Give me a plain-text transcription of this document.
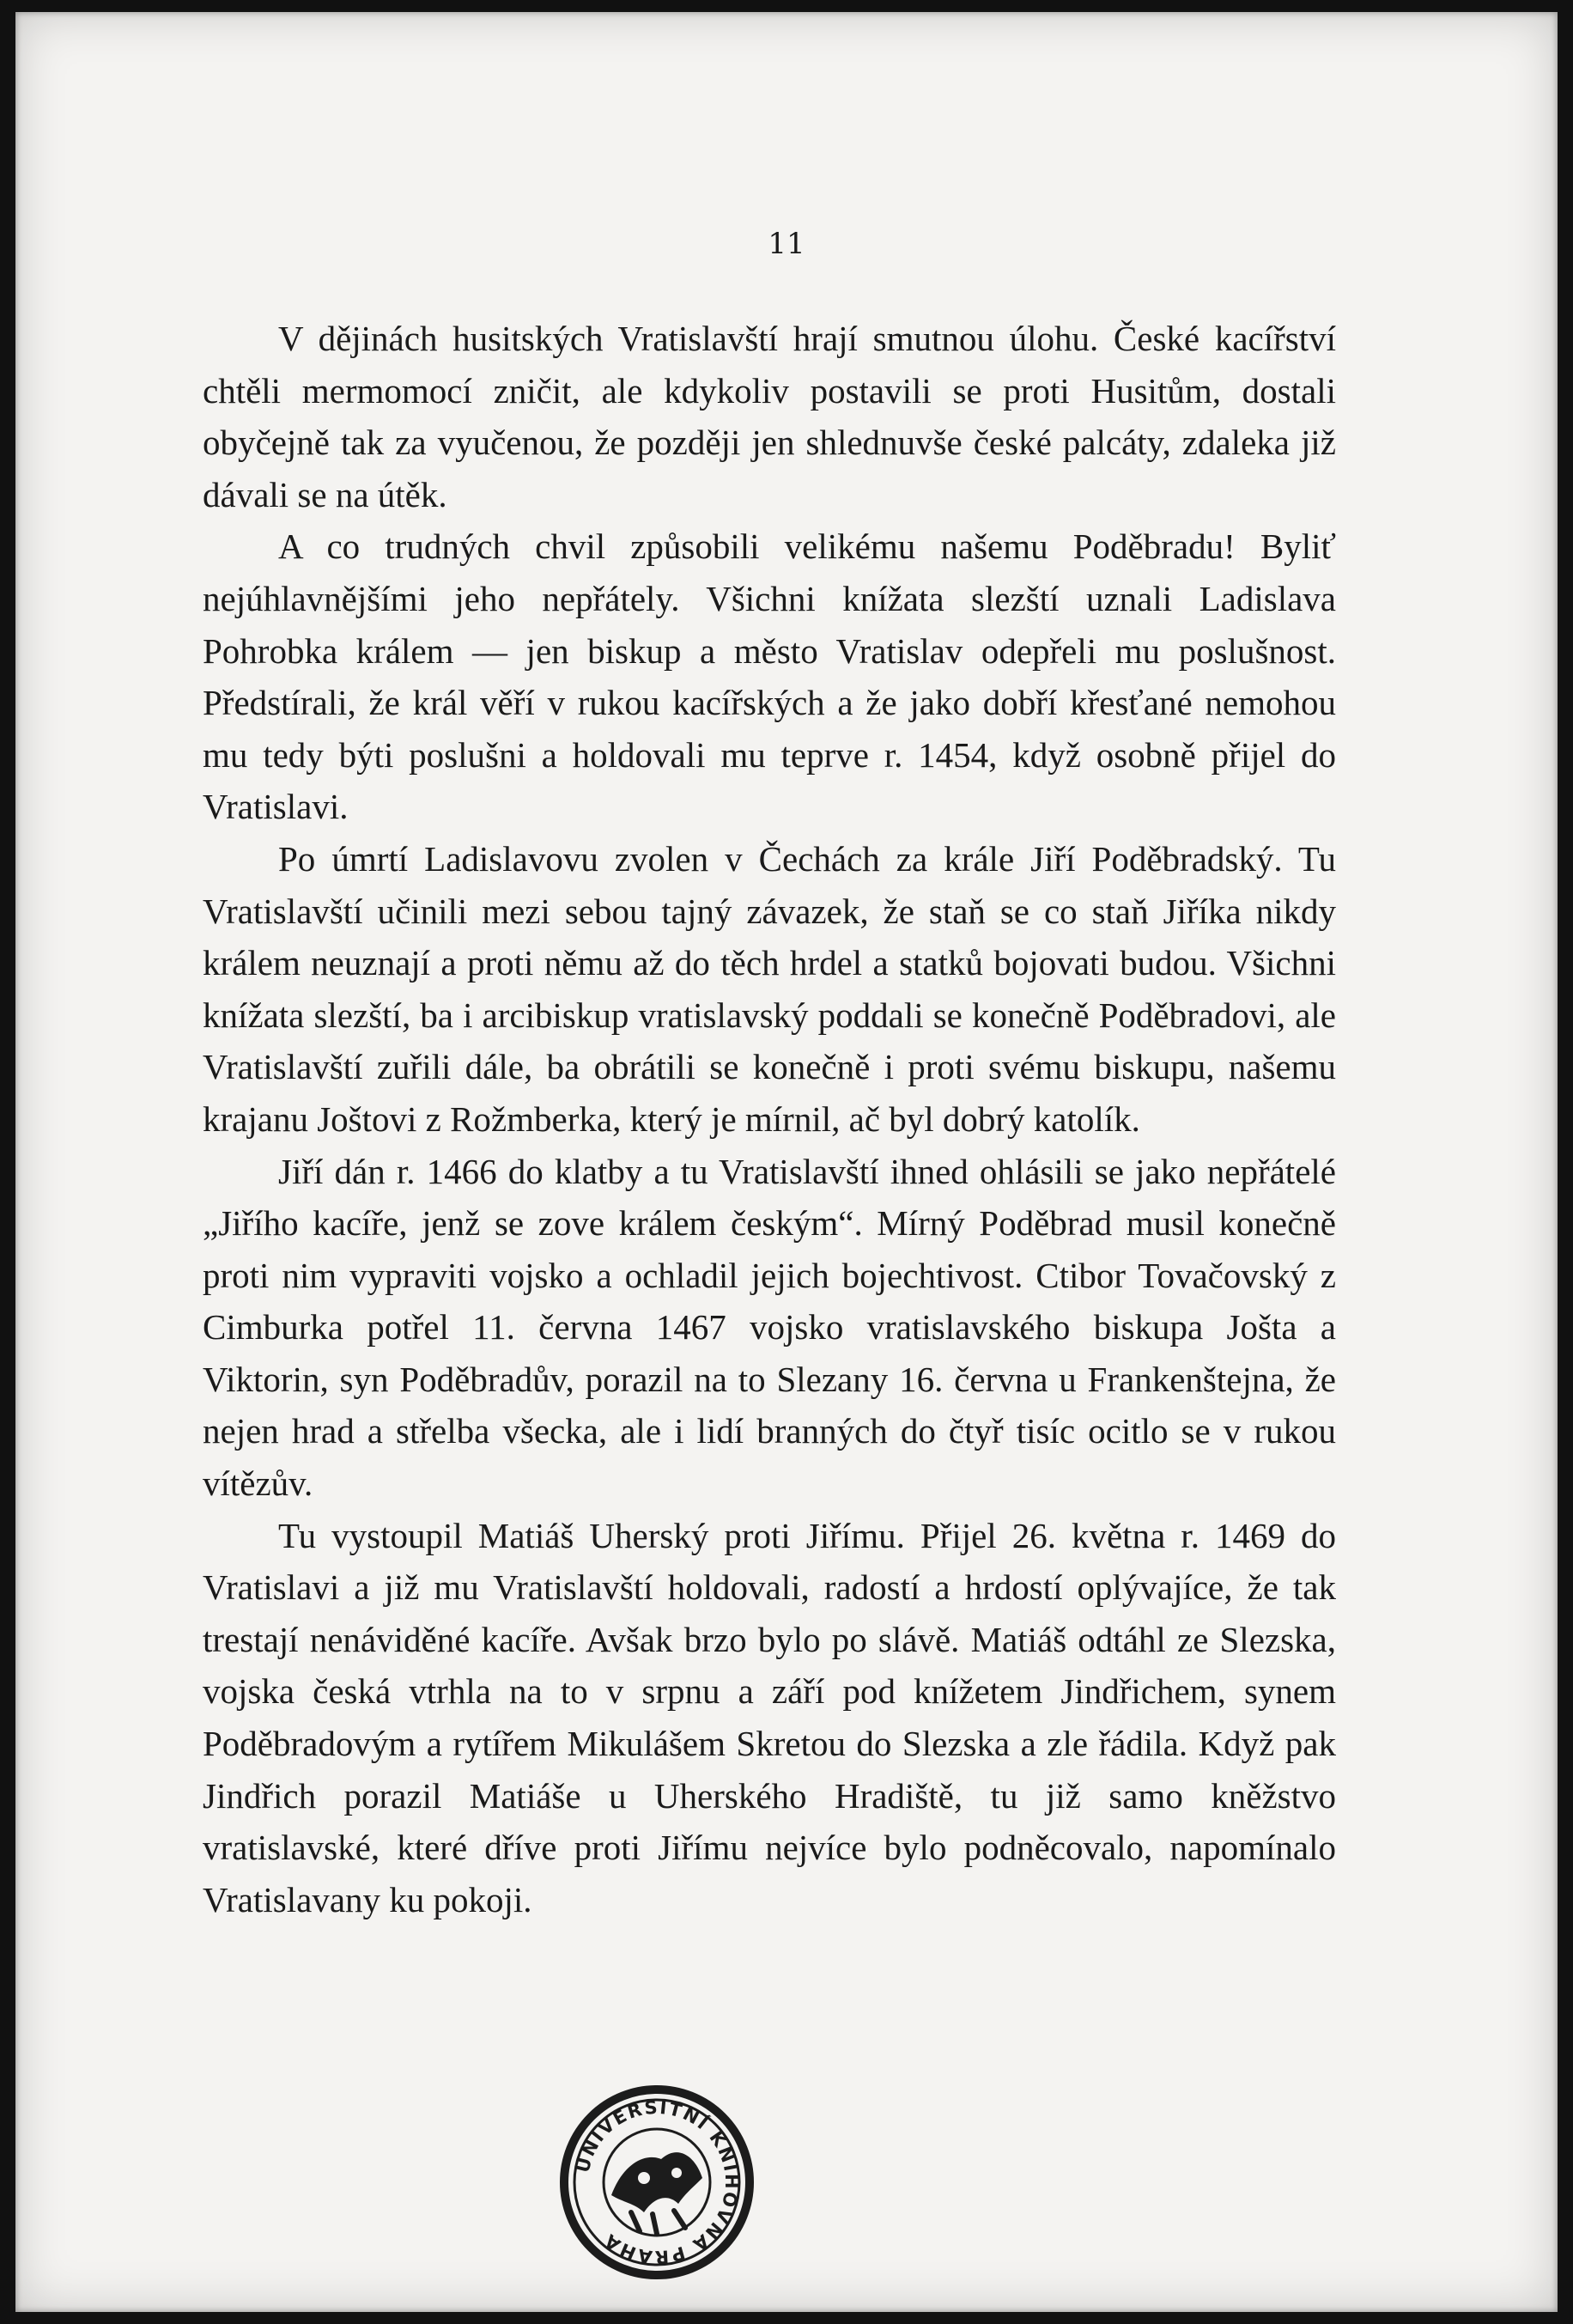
11

V dějinách husitských Vratislavští hrají smutnou úlohu. České kacířství chtěli mermomocí zničit, ale kdykoliv postavili se proti Husitům, dostali obyčejně tak za vyučenou, že později jen shlednuvše české palcáty, zdaleka již dávali se na útěk.

A co trudných chvil způsobili velikému našemu Poděbradu! Byliť nejúhlavnějšími jeho nepřátely. Všichni knížata slezští uznali Ladislava Pohrobka králem — jen biskup a město Vratislav odepřeli mu poslušnost. Předstírali, že král věří v rukou kacířských a že jako dobří křesťané nemohou mu tedy býti poslušni a holdovali mu teprve r. 1454, když osobně přijel do Vratislavi.

Po úmrtí Ladislavovu zvolen v Čechách za krále Jiří Poděbradský. Tu Vratislavští učinili mezi sebou tajný závazek, že staň se co staň Jiříka nikdy králem neuznají a proti němu až do těch hrdel a statků bojovati budou. Všichni knížata slezští, ba i arcibiskup vratislavský poddali se konečně Poděbradovi, ale Vratislavští zuřili dále, ba obrátili se konečně i proti svému biskupu, našemu krajanu Joštovi z Rožmberka, který je mírnil, ač byl dobrý katolík.

Jiří dán r. 1466 do klatby a tu Vratislavští ihned ohlásili se jako nepřátelé „Jiřího kacíře, jenž se zove králem českým“. Mírný Poděbrad musil konečně proti nim vypraviti vojsko a ochladil jejich bojechtivost. Ctibor Tovačovský z Cimburka potřel 11. června 1467 vojsko vratislavského biskupa Jošta a Viktorin, syn Poděbradův, porazil na to Slezany 16. června u Frankenštejna, že nejen hrad a střelba všecka, ale i lidí branných do čtyř tisíc ocitlo se v rukou vítězův.

Tu vystoupil Matiáš Uherský proti Jiřímu. Přijel 26. května r. 1469 do Vratislavi a již mu Vratislavští holdovali, radostí a hrdostí oplývajíce, že tak trestají nenáviděné kacíře. Avšak brzo bylo po slávě. Matiáš odtáhl ze Slezska, vojska česká vtrhla na to v srpnu a září pod knížetem Jindřichem, synem Poděbradovým a rytířem Mikulášem Skretou do Slezska a zle řádila. Když pak Jindřich porazil Matiáše u Uherského Hradiště, tu již samo kněžstvo vratislavské, které dříve proti Jiřímu nejvíce bylo podněcovalo, napomínalo Vratislavany ku pokoji.

UNIVERSITNÍ KNIHOVNA PRAHA
